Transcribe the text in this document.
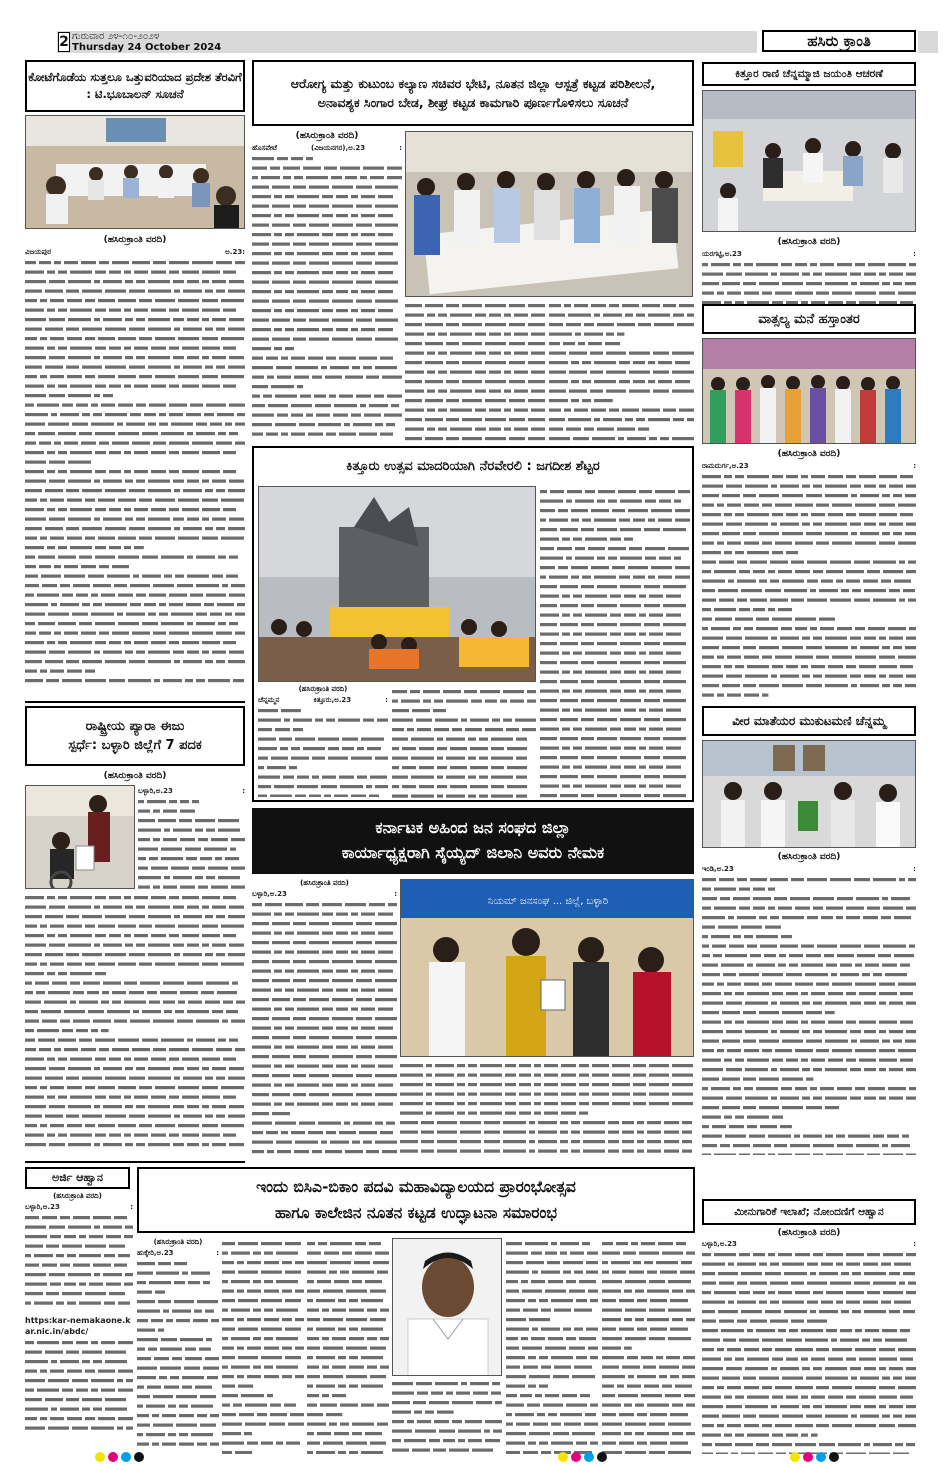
2 ಗುರುವಾರ ೨೪-೧೦-೨೦೨೪
Thursday 24 October 2024	ಹಸಿರು ಕ್ರಾಂತಿ
ಕೋಟೆಗೊಡೆಯ ಸುತ್ತಲೂ ಒತ್ತುವರಿಯಾದ ಪ್ರದೇಶ ತೆರವಿಗೆ : ಟಿ.ಭೂಬಾಲನ್ ಸೂಚನೆ
(ಹಸಿರುಕ್ರಾಂತಿ ವರದಿ)
ವಿಜಯಪುರ ಅ.23:
ರಾಷ್ಟ್ರೀಯ ಪ್ಯಾರಾ ಈಜು
ಸ್ಪರ್ಧೆ: ಬಳ್ಳಾರಿ ಜಿಲ್ಲೆಗೆ 7 ಪದಕ
(ಹಸಿರುಕ್ರಾಂತಿ ವರದಿ)
ಬಳ್ಳಾರಿ,ಅ.23 :
ಅರ್ಜಿ ಆಹ್ವಾನ
(ಹಸಿರುಕ್ರಾಂತಿ ವರದಿ)
ಬಳ್ಳಾರಿ,ಅ.23 :
https:kar-nemakaone.kar.nic.in/abdc/
ಆರೋಗ್ಯ ಮತ್ತು ಕುಟುಂಬ ಕಲ್ಯಾಣ ಸಚಿವರ ಭೇಟಿ, ನೂತನ ಜಿಲ್ಲಾ ಆಸ್ಪತ್ರೆ ಕಟ್ಟಡ ಪರಿಶೀಲನೆ,
ಅನಾವಶ್ಯಕ ಸಿಂಗಾರ ಬೇಡ, ಶೀಘ್ರ ಕಟ್ಟಡ ಕಾಮಗಾರಿ ಪೂರ್ಣಗೊಳಿಸಲು ಸೂಚನೆ
(ಹಸಿರುಕ್ರಾಂತಿ ವರದಿ)
ಹೊಸಪೇಟೆ (ವಿಜಯನಗರ),ಅ.23 :
ಕಿತ್ತೂರು ಉತ್ಸವ ಮಾದರಿಯಾಗಿ ನೆರವೇರಲಿ : ಜಗದೀಶ ಶೆಟ್ಟರ
(ಹಸಿರುಕ್ರಾಂತಿ ವರದಿ)
ಚೆನ್ನಮ್ಮನ ಕಿತ್ತೂರು,ಅ.23 :
ಕರ್ನಾಟಕ ಅಹಿಂದ ಜನ ಸಂಘದ ಜಿಲ್ಲಾ
ಕಾರ್ಯಾಧ್ಯಕ್ಷರಾಗಿ ಸೈಯ್ಯದ್ ಜಿಲಾನಿ ಅವರು ನೇಮಕ
(ಹಸಿರುಕ್ರಾಂತಿ ವರದಿ)
ಬಳ್ಳಾರಿ,ಅ.23 :
ನಿಯಮ್ ಜನಸಂಘ ... ಜಿಲ್ಲೆ, ಬಳ್ಳಾರಿ
ಇಂದು ಬಿಸಿಎ-ಬಿಕಾಂ ಪದವಿ ಮಹಾವಿದ್ಯಾಲಯದ ಪ್ರಾರಂಭೋತ್ಸವ
ಹಾಗೂ ಕಾಲೇಜಿನ ನೂತನ ಕಟ್ಟಡ ಉದ್ಘಾಟನಾ ಸಮಾರಂಭ
(ಹಸಿರುಕ್ರಾಂತಿ ವರದಿ)
ಹುಕ್ಕೇರಿ,ಅ.23 :
ಕಿತ್ತೂರ ರಾಣಿ ಚೆನ್ನಮ್ಮಾಜಿ ಜಯಂತಿ ಆಚರಣೆ
(ಹಸಿರುಕ್ರಾಂತಿ ವರದಿ)
ಯರಗಟ್ಟಿ,ಅ.23 :
ವಾತ್ಸಲ್ಯ ಮನೆ ಹಸ್ತಾಂತರ
(ಹಸಿರುಕ್ರಾಂತಿ ವರದಿ)
ರಾಮದುರ್ಗ,ಅ.23 :
ವೀರ ಮಾತೆಯರ ಮುಕುಟಮಣಿ ಚೆನ್ನಮ್ಮ
(ಹಸಿರುಕ್ರಾಂತಿ ವರದಿ)
ಇಂಡಿ,ಅ.23 :
ಮೀನುಗಾರಿಕೆ ಇಲಾಖೆ; ನೋಂದಣಿಗೆ ಆಹ್ವಾನ
(ಹಸಿರುಕ್ರಾಂತಿ ವರದಿ)
ಬಳ್ಳಾರಿ,ಅ.23 :
